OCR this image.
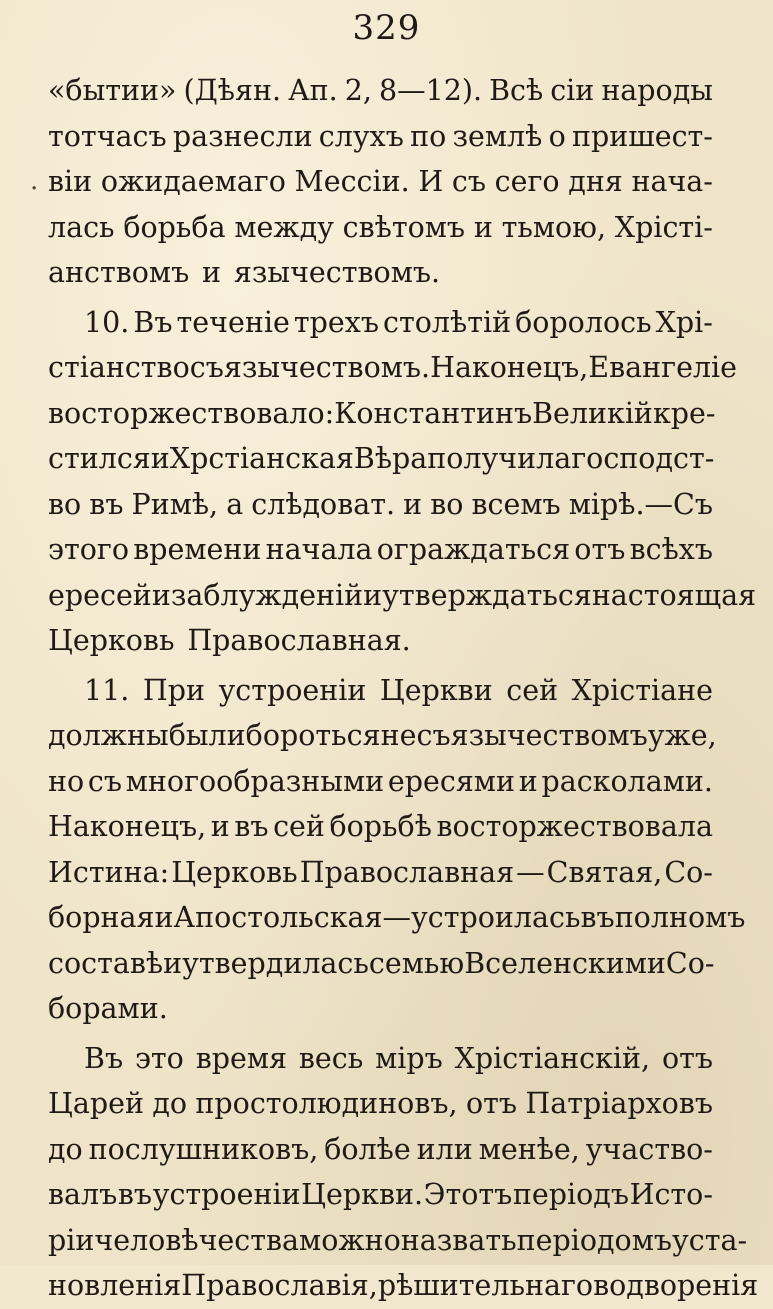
329
.
«бытии» (Дѣян. Ап. 2, 8—12). Всѣ сіи народы
тотчасъ разнесли слухъ по землѣ о пришест-
віи ожидаемаго Мессіи. И съ сего дня нача-
лась борьба между свѣтомъ и тьмою, Хрісті-
анствомъ и язычествомъ.
10. Въ теченіе трехъ столѣтій боролось Хрі-
стіанство съ язычествомъ. Наконецъ, Евангеліе
восторжествовало: Константинъ Великій кре-
стился и Хрстіанская Вѣра получила господст-
во въ Римѣ, а слѣдоват. и во всемъ мірѣ.—Съ
этого времени начала ограждаться отъ всѣхъ
ересей и заблужденій и утверждаться настоящая
Церковь Православная.
11. При устроеніи Церкви сей Хрістіане
должны были бороться не съ язычествомъ уже,
но съ многообразными ересями и расколами.
Наконецъ, и въ сей борьбѣ восторжествовала
Истина: Церковь Православная — Святая, Со-
борная и Апостольская—устроилась въ полномъ
составѣ и утвердилась семью Вселенскими Со-
борами.
Въ это время весь міръ Хрістіанскій, отъ
Царей до простолюдиновъ, отъ Патріарховъ
до послушниковъ, болѣе или менѣе, участво-
валъ въ устроеніи Церкви. Этотъ періодъ Исто-
ріи человѣчества можно назвать періодомъ уста-
новленія Православія, рѣшительнаго водворенія
